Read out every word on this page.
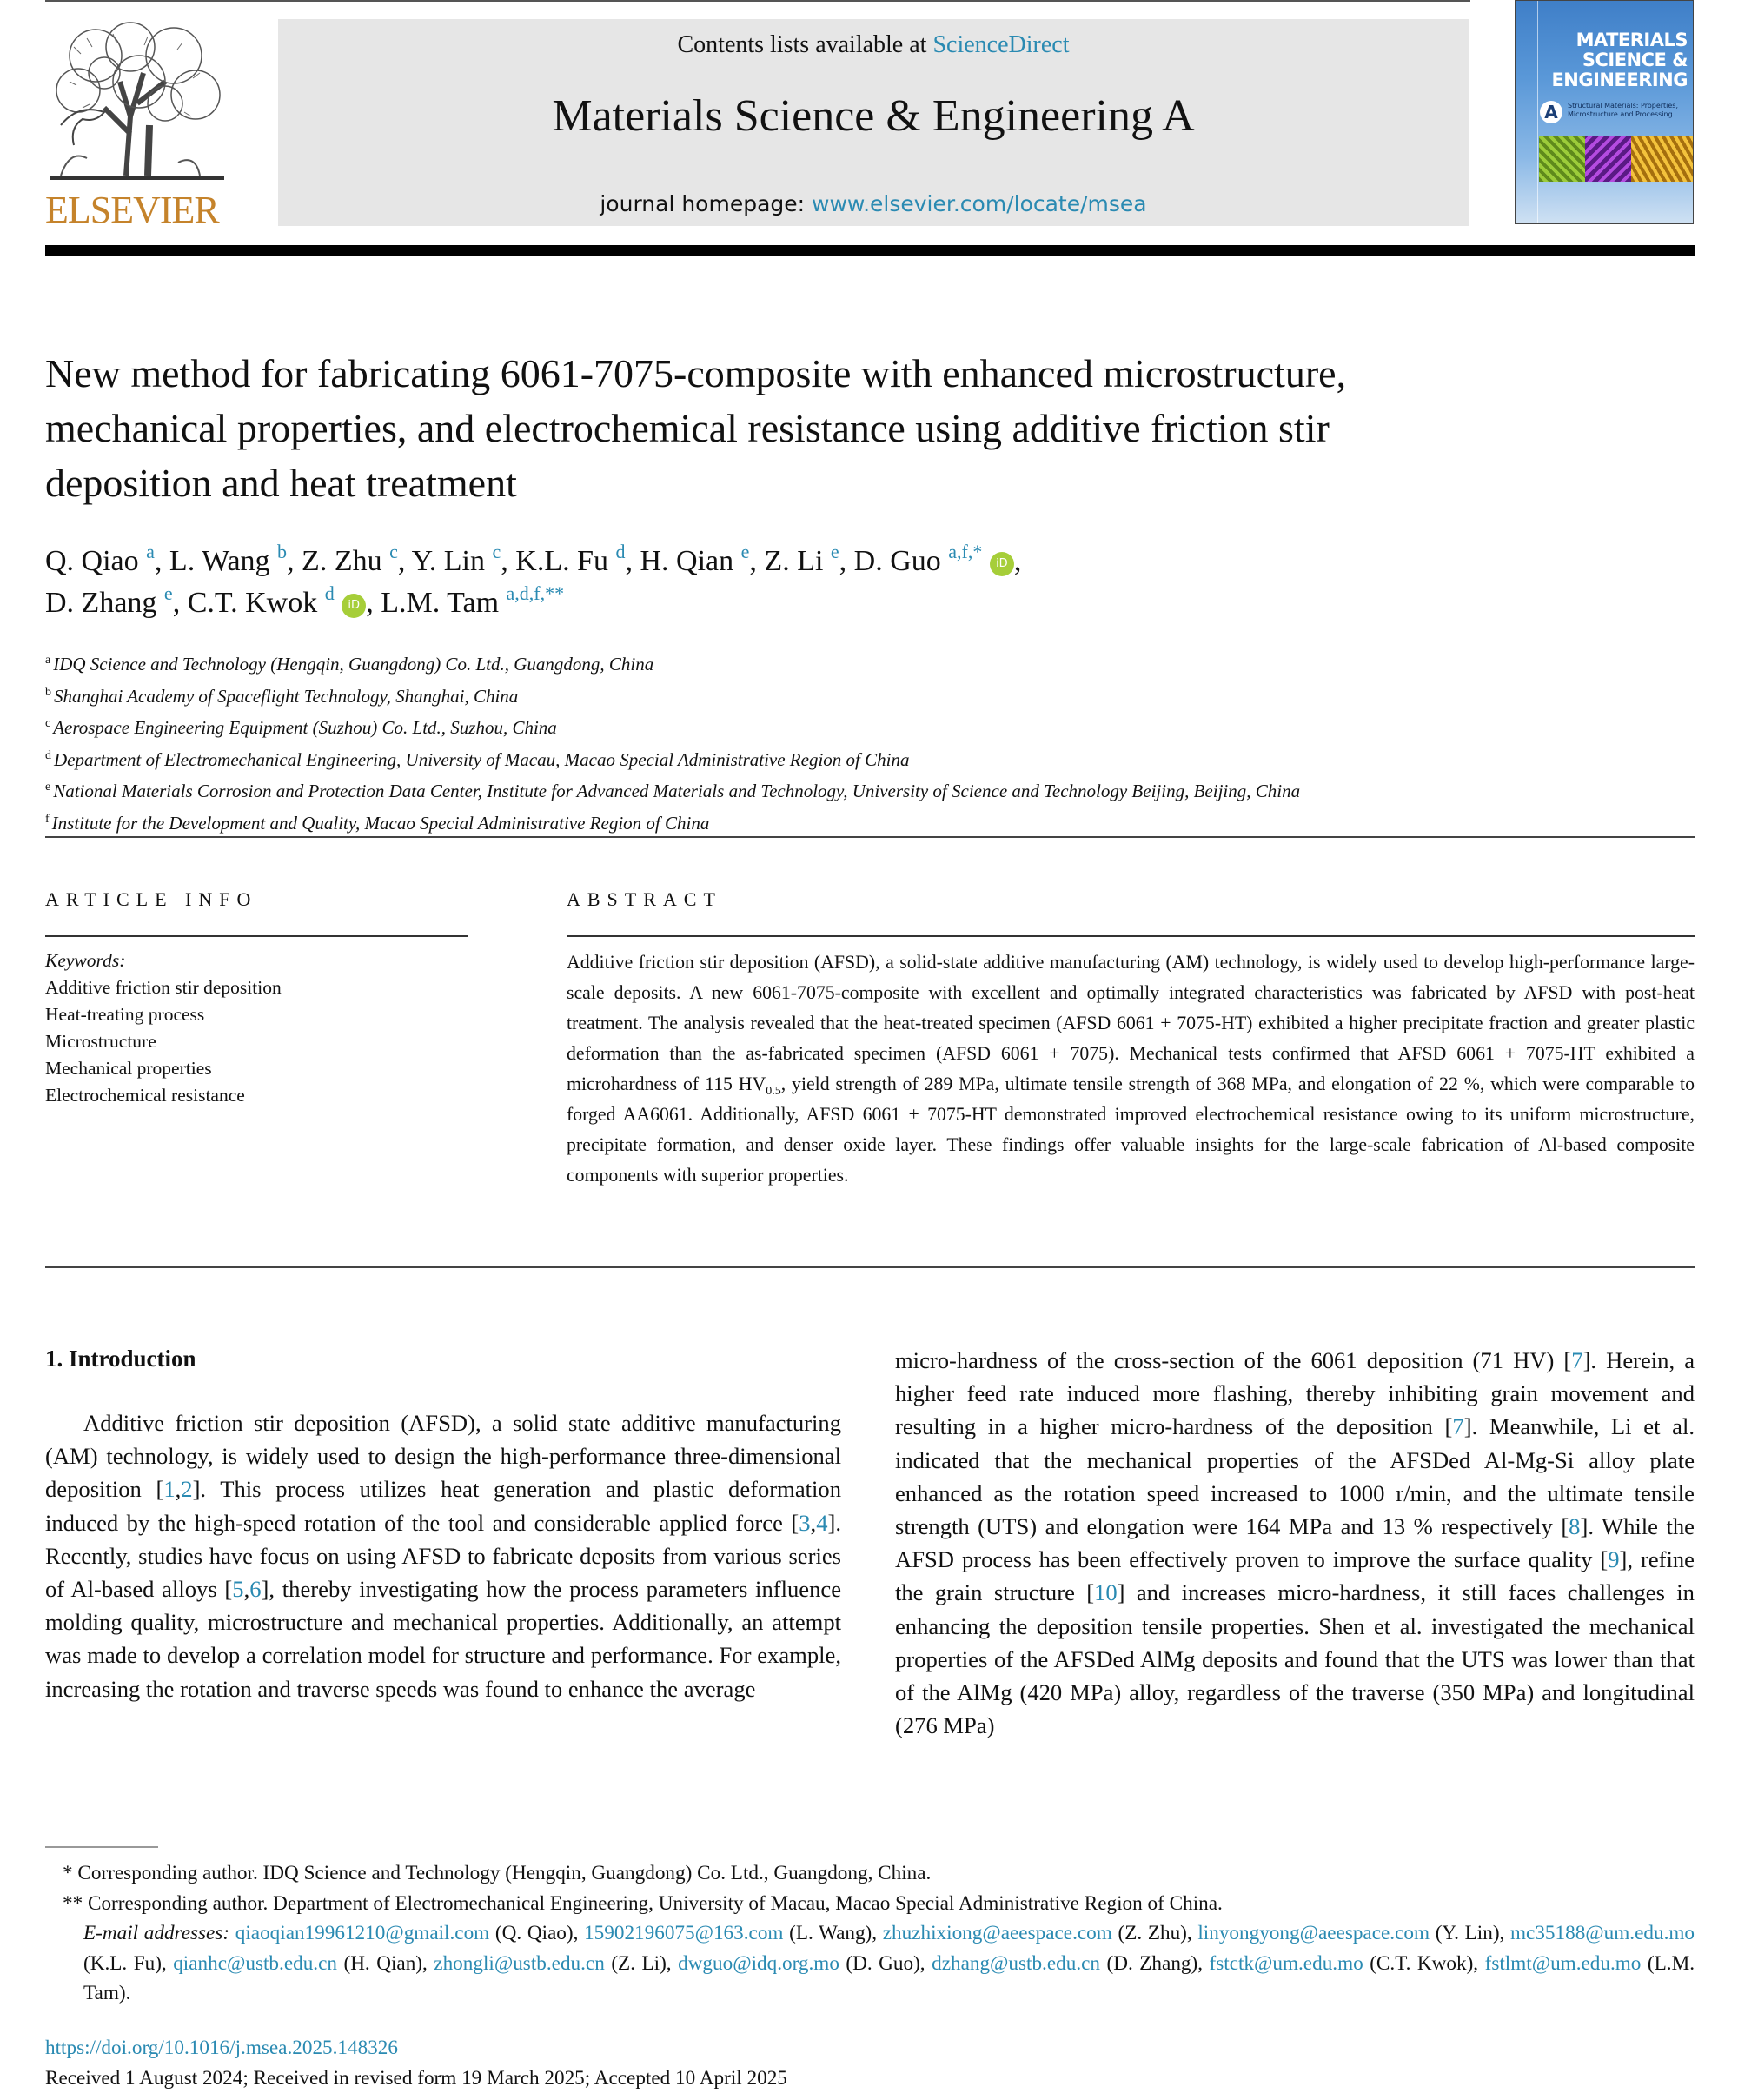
ELSEVIER
Contents lists available at ScienceDirect
Materials Science & Engineering A
journal homepage: www.elsevier.com/locate/msea
MATERIALS
SCIENCE &
ENGINEERING
A	Structural Materials: Properties, Microstructure and Processing
New method for fabricating 6061-7075-composite with enhanced microstructure, mechanical properties, and electrochemical resistance using additive friction stir deposition and heat treatment
Q. Qiao $^a$, L. Wang $^b$, Z. Zhu $^c$, Y. Lin $^c$, K.L. Fu $^d$, H. Qian $^e$, Z. Li $^e$, D. Guo $^{a,f,*}$ iD ,
D. Zhang $^e$, C.T. Kwok $^d$ iD , L.M. Tam $^{a,d,f,**}$
$^a$ IDQ Science and Technology (Hengqin, Guangdong) Co. Ltd., Guangdong, China
$^b$ Shanghai Academy of Spaceflight Technology, Shanghai, China
$^c$ Aerospace Engineering Equipment (Suzhou) Co. Ltd., Suzhou, China
$^d$ Department of Electromechanical Engineering, University of Macau, Macao Special Administrative Region of China
$^e$ National Materials Corrosion and Protection Data Center, Institute for Advanced Materials and Technology, University of Science and Technology Beijing, Beijing, China
$^f$ Institute for the Development and Quality, Macao Special Administrative Region of China
ARTICLE INFO
Keywords:
Additive friction stir deposition
Heat-treating process
Microstructure
Mechanical properties
Electrochemical resistance
ABSTRACT
Additive friction stir deposition (AFSD), a solid-state additive manufacturing (AM) technology, is widely used to develop high-performance large-scale deposits. A new 6061-7075-composite with excellent and optimally integrated characteristics was fabricated by AFSD with post-heat treatment. The analysis revealed that the heat-treated specimen (AFSD 6061 + 7075-HT) exhibited a higher precipitate fraction and greater plastic deformation than the as-fabricated specimen (AFSD 6061 + 7075). Mechanical tests confirmed that AFSD 6061 + 7075-HT exhibited a microhardness of 115 $HV_{0.5}$, yield strength of 289 MPa, ultimate tensile strength of 368 MPa, and elongation of 22 %, which were comparable to forged AA6061. Additionally, AFSD 6061 + 7075-HT demonstrated improved electrochemical resistance owing to its uniform microstructure, precipitate formation, and denser oxide layer. These findings offer valuable insights for the large-scale fabrication of Al-based composite components with superior properties.
1. Introduction
Additive friction stir deposition (AFSD), a solid state additive manufacturing (AM) technology, is widely used to design the high-performance three-dimensional deposition [1,2]. This process utilizes heat generation and plastic deformation induced by the high-speed rotation of the tool and considerable applied force [3,4]. Recently, studies have focus on using AFSD to fabricate deposits from various series of Al-based alloys [5,6], thereby investigating how the process parameters influence molding quality, microstructure and mechanical properties. Additionally, an attempt was made to develop a correlation model for structure and performance. For example, increasing the rotation and traverse speeds was found to enhance the average
micro-hardness of the cross-section of the 6061 deposition (71 HV) [7]. Herein, a higher feed rate induced more flashing, thereby inhibiting grain movement and resulting in a higher micro-hardness of the deposition [7]. Meanwhile, Li et al. indicated that the mechanical properties of the AFSDed Al-Mg-Si alloy plate enhanced as the rotation speed increased to 1000 r/min, and the ultimate tensile strength (UTS) and elongation were 164 MPa and 13 % respectively [8]. While the AFSD process has been effectively proven to improve the surface quality [9], refine the grain structure [10] and increases micro-hardness, it still faces challenges in enhancing the deposition tensile properties. Shen et al. investigated the mechanical properties of the AFSDed AlMg deposits and found that the UTS was lower than that of the AlMg (420 MPa) alloy, regardless of the traverse (350 MPa) and longitudinal (276 MPa)
* Corresponding author. IDQ Science and Technology (Hengqin, Guangdong) Co. Ltd., Guangdong, China.
** Corresponding author. Department of Electromechanical Engineering, University of Macau, Macao Special Administrative Region of China.
E-mail addresses: qiaoqian19961210@gmail.com (Q. Qiao), 15902196075@163.com (L. Wang), zhuzhixiong@aeespace.com (Z. Zhu), linyongyong@aeespace.com (Y. Lin), mc35188@um.edu.mo (K.L. Fu), qianhc@ustb.edu.cn (H. Qian), zhongli@ustb.edu.cn (Z. Li), dwguo@idq.org.mo (D. Guo), dzhang@ustb.edu.cn (D. Zhang), fstctk@um.edu.mo (C.T. Kwok), fstlmt@um.edu.mo (L.M. Tam).
https://doi.org/10.1016/j.msea.2025.148326
Received 1 August 2024; Received in revised form 19 March 2025; Accepted 10 April 2025
